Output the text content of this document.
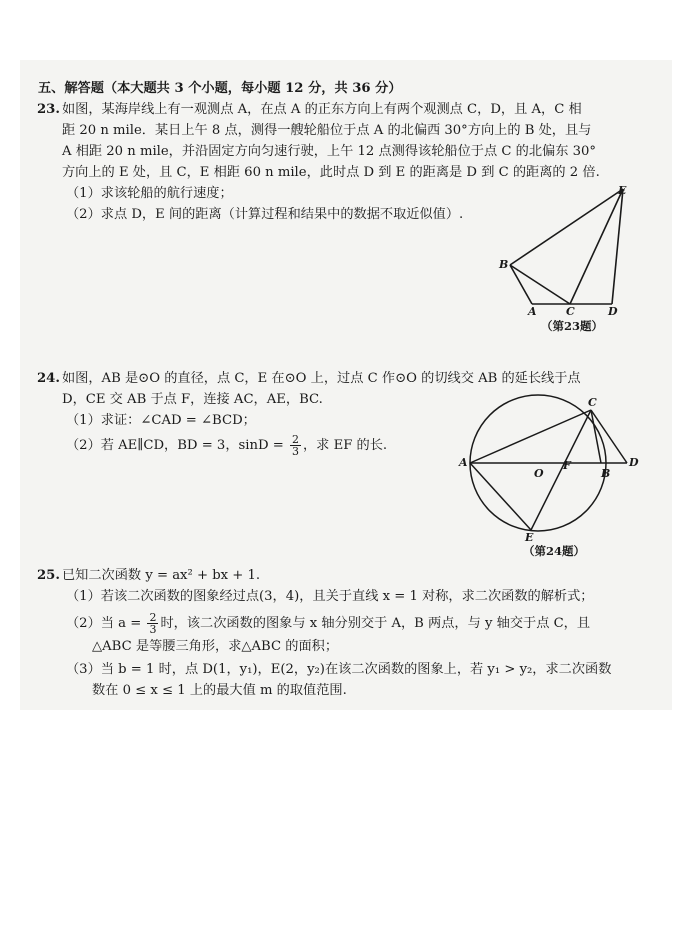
五、解答题（本大题共 3 个小题，每小题 12 分，共 36 分）
23. 如图，某海岸线上有一观测点 A，在点 A 的正东方向上有两个观测点 C，D，且 A，C 相
距 20 n mile．某日上午 8 点，测得一艘轮船位于点 A 的北偏西 30°方向上的 B 处，且与
A 相距 20 n mile，并沿固定方向匀速行驶，上午 12 点测得该轮船位于点 C 的北偏东 30°
方向上的 E 处，且 C，E 相距 60 n mile，此时点 D 到 E 的距离是 D 到 C 的距离的 2 倍.
（1）求该轮船的航行速度；
（2）求点 D，E 间的距离（计算过程和结果中的数据不取近似值）.
E
B
A	C	D
（第23题）
24. 如图，AB 是⊙O 的直径，点 C，E 在⊙O 上，过点 C 作⊙O 的切线交 AB 的延长线于点
D，CE 交 AB 于点 F，连接 AC，AE，BC.
（1）求证：∠CAD = ∠BCD；
（2）若 AE∥CD，BD = 3，$\sin D = \frac{2}{3}$ ，求 EF 的长.
C
A
O
F
B
D
E
（第24题）
25. 已知二次函数 y = ax² + bx + 1.
（1）若该二次函数的图象经过点(3，4)，且关于直线 x = 1 对称，求二次函数的解析式；
（2）当 $a = \frac{2}{3}$ 时，该二次函数的图象与 x 轴分别交于 A，B 两点，与 y 轴交于点 C，且
△ABC 是等腰三角形，求△ABC 的面积；
（3）当 b = 1 时，点 D(1，y₁)，E(2，y₂)在该二次函数的图象上，若 y₁ > y₂，求二次函数
数在 0 ≤ x ≤ 1 上的最大值 m 的取值范围.
